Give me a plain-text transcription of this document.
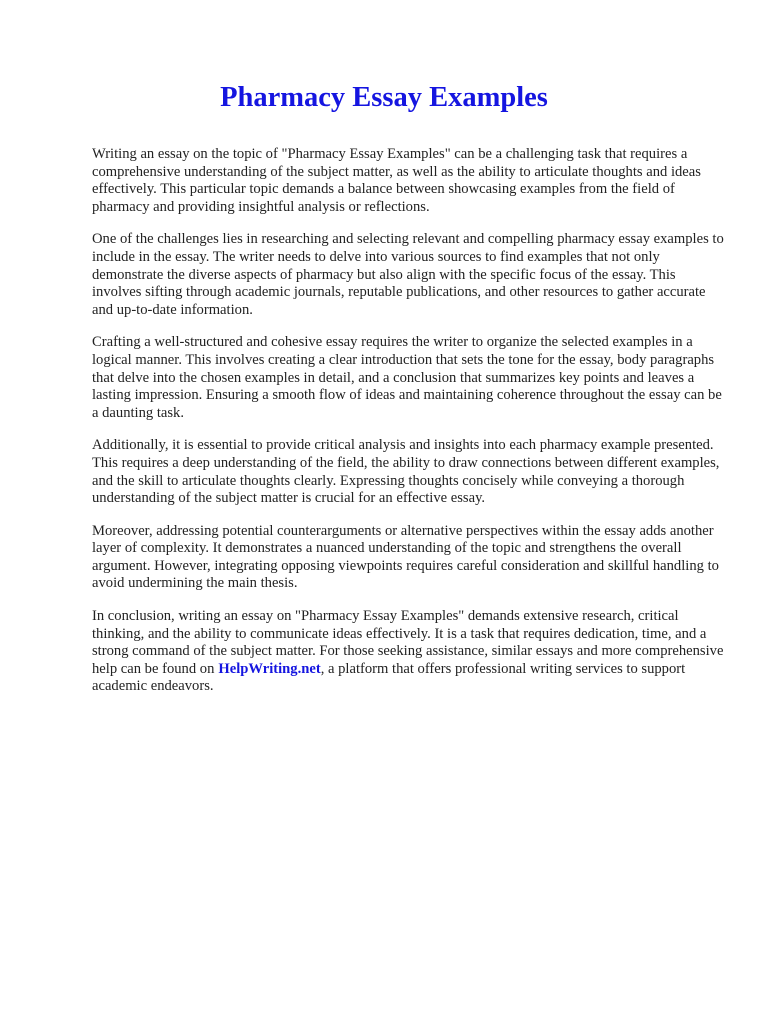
Pharmacy Essay Examples

Writing an essay on the topic of "Pharmacy Essay Examples" can be a challenging task that requires a comprehensive understanding of the subject matter, as well as the ability to articulate thoughts and ideas effectively. This particular topic demands a balance between showcasing examples from the field of pharmacy and providing insightful analysis or reflections.

One of the challenges lies in researching and selecting relevant and compelling pharmacy essay examples to include in the essay. The writer needs to delve into various sources to find examples that not only demonstrate the diverse aspects of pharmacy but also align with the specific focus of the essay. This involves sifting through academic journals, reputable publications, and other resources to gather accurate and up-to-date information.

Crafting a well-structured and cohesive essay requires the writer to organize the selected examples in a logical manner. This involves creating a clear introduction that sets the tone for the essay, body paragraphs that delve into the chosen examples in detail, and a conclusion that summarizes key points and leaves a lasting impression. Ensuring a smooth flow of ideas and maintaining coherence throughout the essay can be a daunting task.

Additionally, it is essential to provide critical analysis and insights into each pharmacy example presented. This requires a deep understanding of the field, the ability to draw connections between different examples, and the skill to articulate thoughts clearly. Expressing thoughts concisely while conveying a thorough understanding of the subject matter is crucial for an effective essay.

Moreover, addressing potential counterarguments or alternative perspectives within the essay adds another layer of complexity. It demonstrates a nuanced understanding of the topic and strengthens the overall argument. However, integrating opposing viewpoints requires careful consideration and skillful handling to avoid undermining the main thesis.

In conclusion, writing an essay on "Pharmacy Essay Examples" demands extensive research, critical thinking, and the ability to communicate ideas effectively. It is a task that requires dedication, time, and a strong command of the subject matter. For those seeking assistance, similar essays and more comprehensive help can be found on HelpWriting.net, a platform that offers professional writing services to support academic endeavors.
